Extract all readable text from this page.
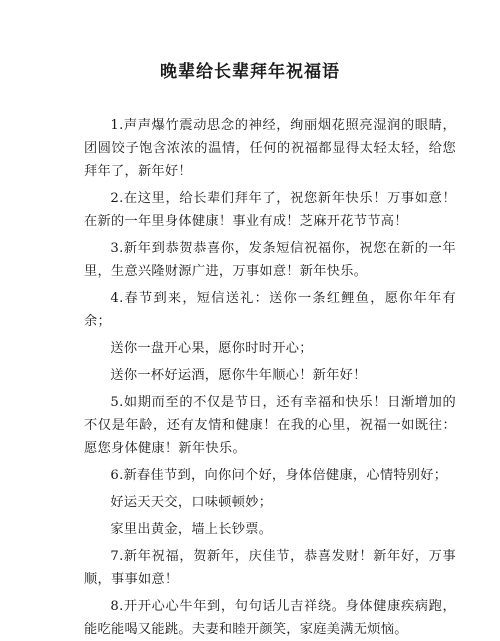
晚辈给长辈拜年祝福语

1.声声爆竹震动思念的神经，绚丽烟花照亮湿润的眼睛，团圆饺子饱含浓浓的温情，任何的祝福都显得太轻太轻，给您拜年了，新年好！

2.在这里，给长辈们拜年了，祝您新年快乐！万事如意！在新的一年里身体健康！事业有成！芝麻开花节节高！

3.新年到恭贺恭喜你，发条短信祝福你，祝您在新的一年里，生意兴隆财源广进，万事如意！新年快乐。

4.春节到来，短信送礼：送你一条红鲤鱼，愿你年年有余；

送你一盘开心果，愿你时时开心；

送你一杯好运酒，愿你牛年顺心！新年好！

5.如期而至的不仅是节日，还有幸福和快乐！日渐增加的不仅是年龄，还有友情和健康！在我的心里，祝福一如既往：愿您身体健康！新年快乐。

6.新春佳节到，向你问个好，身体倍健康，心情特别好；

好运天天交，口味顿顿妙；

家里出黄金，墙上长钞票。

7.新年祝福，贺新年，庆佳节，恭喜发财！新年好，万事顺，事事如意！

8.开开心心牛年到，句句话儿吉祥绕。身体健康疾病跑，能吃能喝又能跳。夫妻和睦开颜笑，家庭美满无烦恼。
